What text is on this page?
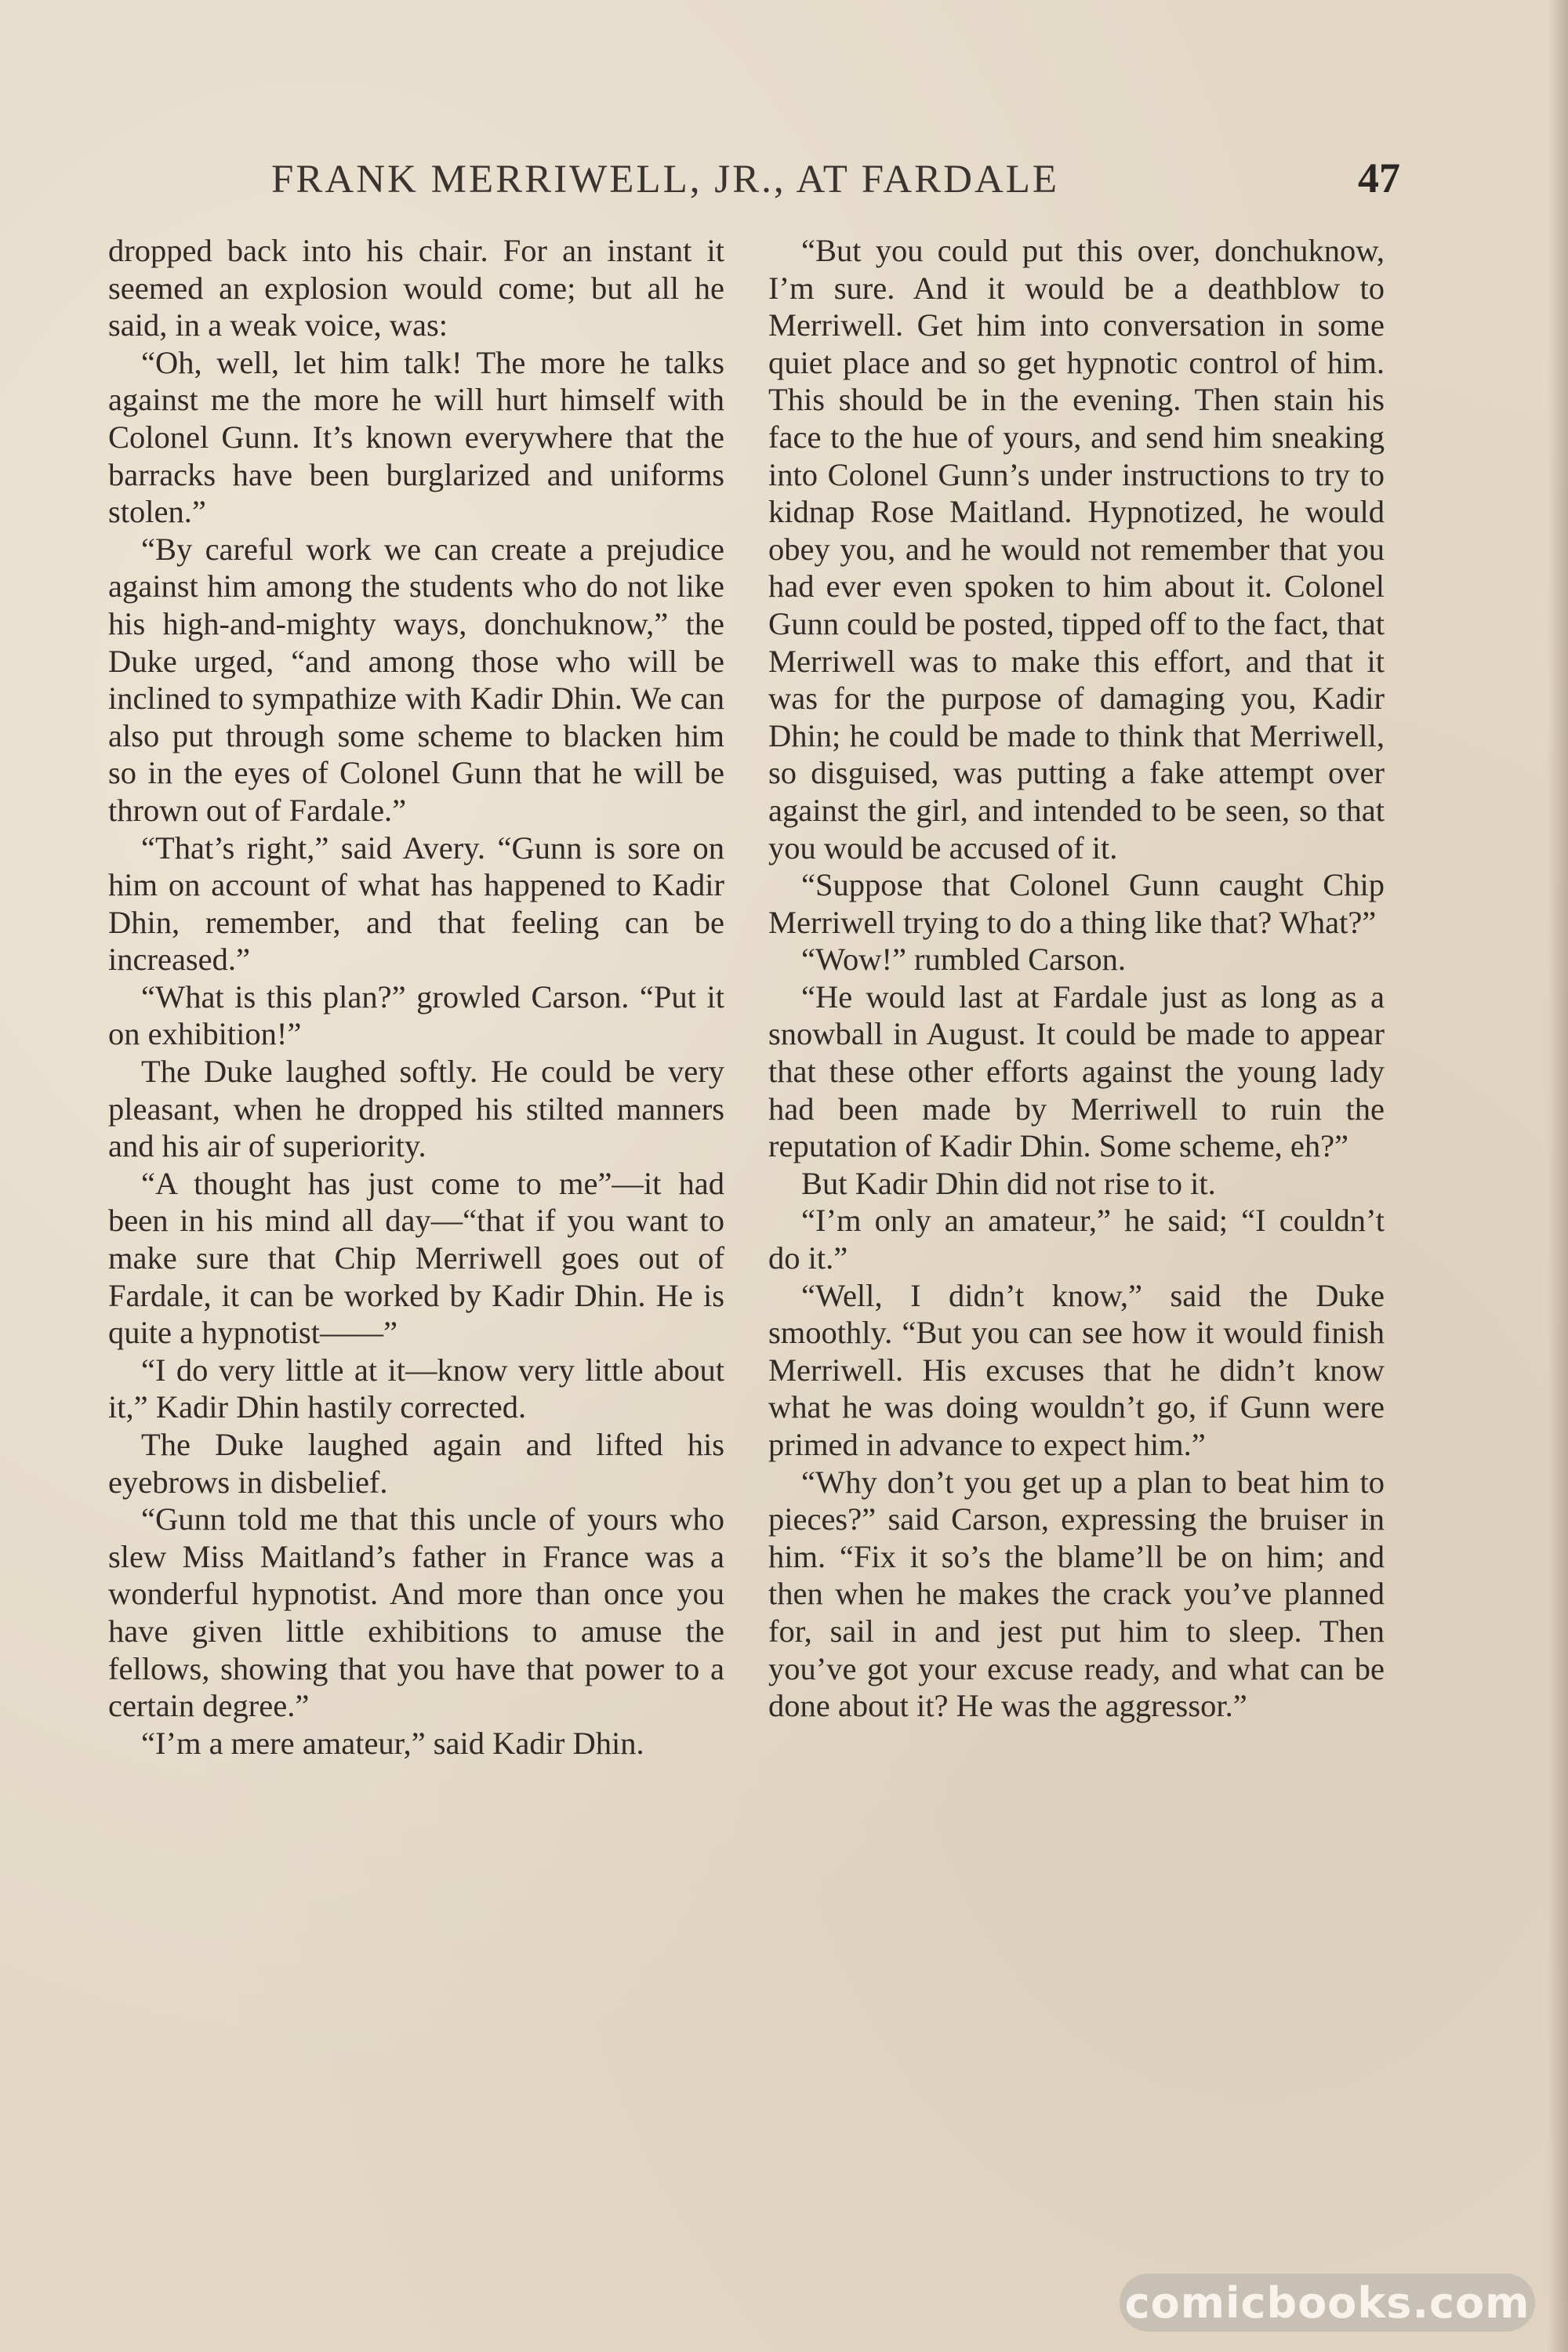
FRANK MERRIWELL, JR., AT FARDALE	47

dropped back into his chair. For an instant it seemed an explosion would come; but all he said, in a weak voice, was:

“Oh, well, let him talk! The more he talks against me the more he will hurt himself with Colonel Gunn. It’s known everywhere that the barracks have been burglarized and uniforms stolen.”

“By careful work we can create a prejudice against him among the students who do not like his high-and-mighty ways, donchuknow,” the Duke urged, “and among those who will be inclined to sympathize with Kadir Dhin. We can also put through some scheme to blacken him so in the eyes of Colonel Gunn that he will be thrown out of Fardale.”

“That’s right,” said Avery. “Gunn is sore on him on account of what has happened to Kadir Dhin, remember, and that feeling can be increased.”

“What is this plan?” growled Carson. “Put it on exhibition!”

The Duke laughed softly. He could be very pleasant, when he dropped his stilted manners and his air of superiority.

“A thought has just come to me”—it had been in his mind all day—“that if you want to make sure that Chip Merriwell goes out of Fardale, it can be worked by Kadir Dhin. He is quite a hypnotist——”

“I do very little at it—know very little about it,” Kadir Dhin hastily corrected.

The Duke laughed again and lifted his eyebrows in disbelief.

“Gunn told me that this uncle of yours who slew Miss Maitland’s father in France was a wonderful hypnotist. And more than once you have given little exhibitions to amuse the fellows, showing that you have that power to a certain degree.”

“I’m a mere amateur,” said Kadir Dhin.

“But you could put this over, donchuknow, I’m sure. And it would be a deathblow to Merriwell. Get him into conversation in some quiet place and so get hypnotic control of him. This should be in the evening. Then stain his face to the hue of yours, and send him sneaking into Colonel Gunn’s under instructions to try to kidnap Rose Maitland. Hypnotized, he would obey you, and he would not remember that you had ever even spoken to him about it. Colonel Gunn could be posted, tipped off to the fact, that Merriwell was to make this effort, and that it was for the purpose of damaging you, Kadir Dhin; he could be made to think that Merriwell, so disguised, was putting a fake attempt over against the girl, and intended to be seen, so that you would be accused of it.

“Suppose that Colonel Gunn caught Chip Merriwell trying to do a thing like that? What?”

“Wow!” rumbled Carson.

“He would last at Fardale just as long as a snowball in August. It could be made to appear that these other efforts against the young lady had been made by Merriwell to ruin the reputation of Kadir Dhin. Some scheme, eh?”

But Kadir Dhin did not rise to it.

“I’m only an amateur,” he said; “I couldn’t do it.”

“Well, I didn’t know,” said the Duke smoothly. “But you can see how it would finish Merriwell. His excuses that he didn’t know what he was doing wouldn’t go, if Gunn were primed in advance to expect him.”

“Why don’t you get up a plan to beat him to pieces?” said Carson, expressing the bruiser in him. “Fix it so’s the blame’ll be on him; and then when he makes the crack you’ve planned for, sail in and jest put him to sleep. Then you’ve got your excuse ready, and what can be done about it? He was the aggressor.”

comicbooks.com
